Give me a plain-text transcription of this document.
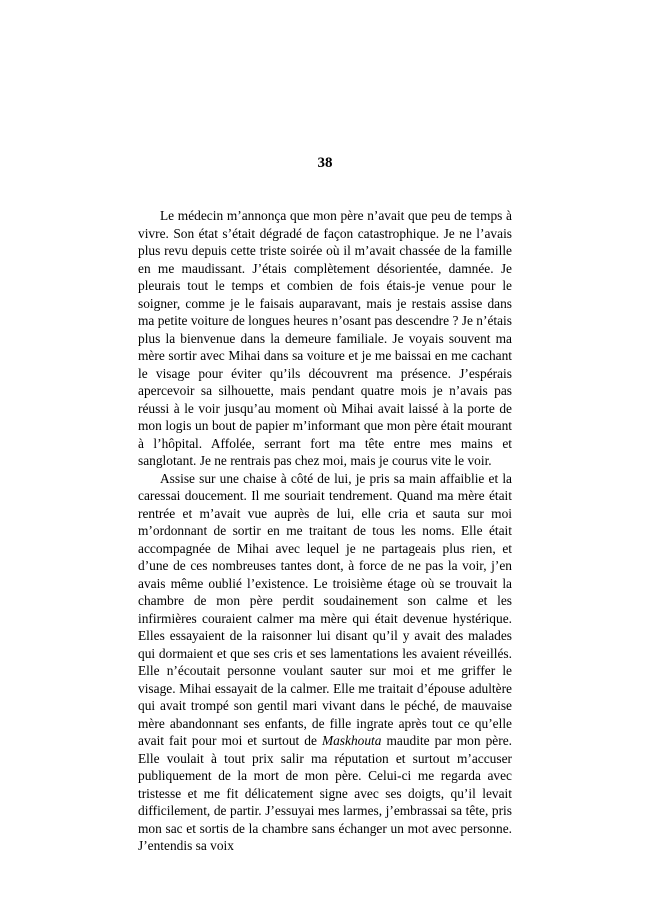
38

Le médecin m’annonça que mon père n’avait que peu de temps à vivre. Son état s’était dégradé de façon catastrophique. Je ne l’avais plus revu depuis cette triste soirée où il m’avait chassée de la famille en me maudissant. J’étais complètement désorientée, damnée. Je pleurais tout le temps et combien de fois étais-je venue pour le soigner, comme je le faisais auparavant, mais je restais assise dans ma petite voiture de longues heures n’osant pas descendre ? Je n’étais plus la bienvenue dans la demeure familiale. Je voyais souvent ma mère sortir avec Mihai dans sa voiture et je me baissai en me cachant le visage pour éviter qu’ils découvrent ma présence. J’espérais apercevoir sa silhouette, mais pendant quatre mois je n’avais pas réussi à le voir jusqu’au moment où Mihai avait laissé à la porte de mon logis un bout de papier m’informant que mon père était mourant à l’hôpital. Affolée, serrant fort ma tête entre mes mains et sanglotant. Je ne rentrais pas chez moi, mais je courus vite le voir.

Assise sur une chaise à côté de lui, je pris sa main affaiblie et la caressai doucement. Il me souriait tendrement. Quand ma mère était rentrée et m’avait vue auprès de lui, elle cria et sauta sur moi m’ordonnant de sortir en me traitant de tous les noms. Elle était accompagnée de Mihai avec lequel je ne partageais plus rien, et d’une de ces nombreuses tantes dont, à force de ne pas la voir, j’en avais même oublié l’existence. Le troisième étage où se trouvait la chambre de mon père perdit soudainement son calme et les infirmières couraient calmer ma mère qui était devenue hystérique. Elles essayaient de la raisonner lui disant qu’il y avait des malades qui dormaient et que ses cris et ses lamentations les avaient réveillés. Elle n’écoutait personne voulant sauter sur moi et me griffer le visage. Mihai essayait de la calmer. Elle me traitait d’épouse adultère qui avait trompé son gentil mari vivant dans le péché, de mauvaise mère abandonnant ses enfants, de fille ingrate après tout ce qu’elle avait fait pour moi et surtout de Maskhouta maudite par mon père. Elle voulait à tout prix salir ma réputation et surtout m’accuser publiquement de la mort de mon père. Celui-ci me regarda avec tristesse et me fit délicatement signe avec ses doigts, qu’il levait difficilement, de partir. J’essuyai mes larmes, j’embrassai sa tête, pris mon sac et sortis de la chambre sans échanger un mot avec personne. J’entendis sa voix
